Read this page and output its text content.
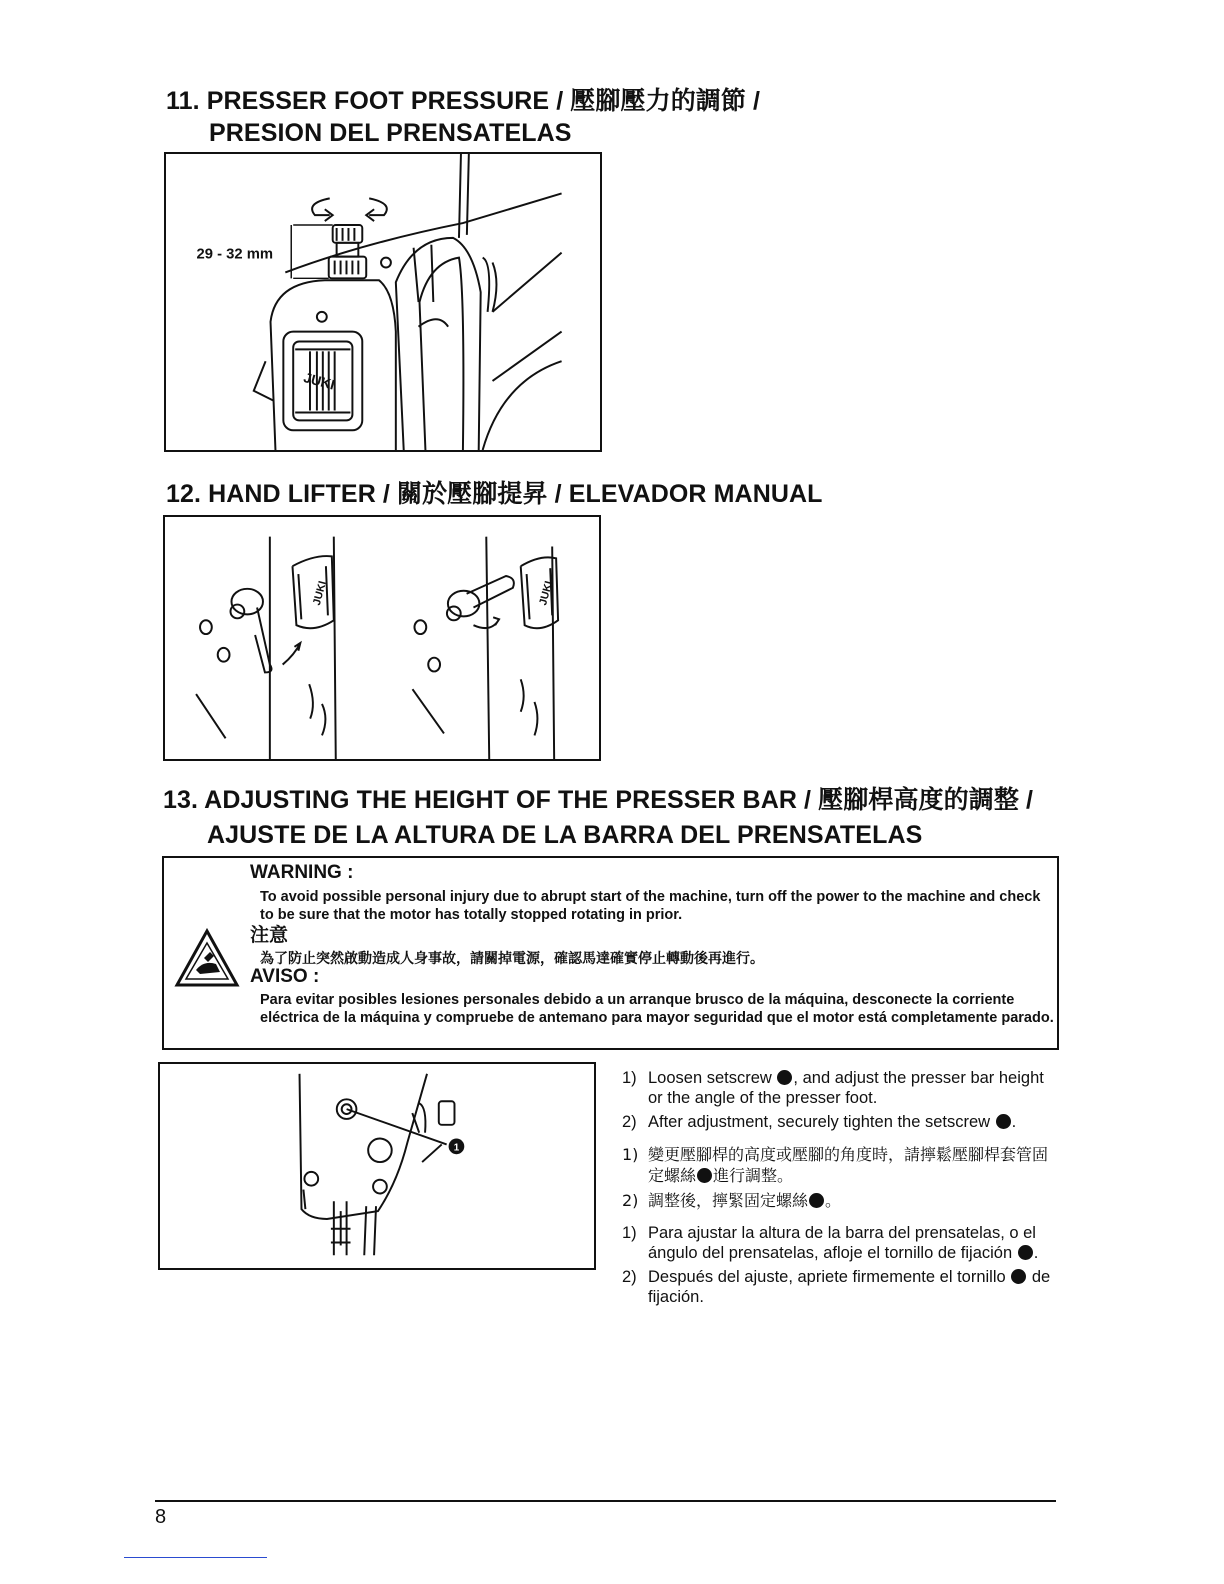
11. PRESSER FOOT PRESSURE / 壓腳壓力的調節 /
PRESION DEL PRENSATELAS
29 - 32 mm
JUKI
12. HAND LIFTER / 關於壓腳提昇 / ELEVADOR MANUAL
JUKI	JUKI
13. ADJUSTING THE HEIGHT OF THE PRESSER BAR / 壓腳桿高度的調整 /
AJUSTE DE LA ALTURA DE LA BARRA DEL PRENSATELAS
WARNING :
To avoid possible personal injury due to abrupt start of the machine, turn off the power to the machine and check to be sure that the motor has totally stopped rotating in prior.
注意
為了防止突然啟動造成人身事故，請關掉電源，確認馬達確實停止轉動後再進行。
AVISO :
Para evitar posibles lesiones personales debido a un arranque brusco de la máquina, desconecte la corriente eléctrica de la máquina y compruebe de antemano para mayor seguridad que el motor está completamente parado.
1
1) Loosen setscrew , and adjust the presser bar height or the angle of the presser foot.
2) After adjustment, securely tighten the setscrew .
1) 變更壓腳桿的高度或壓腳的角度時，請擰鬆壓腳桿套管固定螺絲 進行調整。
2) 調整後，擰緊固定螺絲 。
1) Para ajustar la altura de la barra del prensatelas, o el ángulo del prensatelas, afloje el tornillo de fijación .
2) Después del ajuste, apriete firmemente el tornillo  de fijación.
8
